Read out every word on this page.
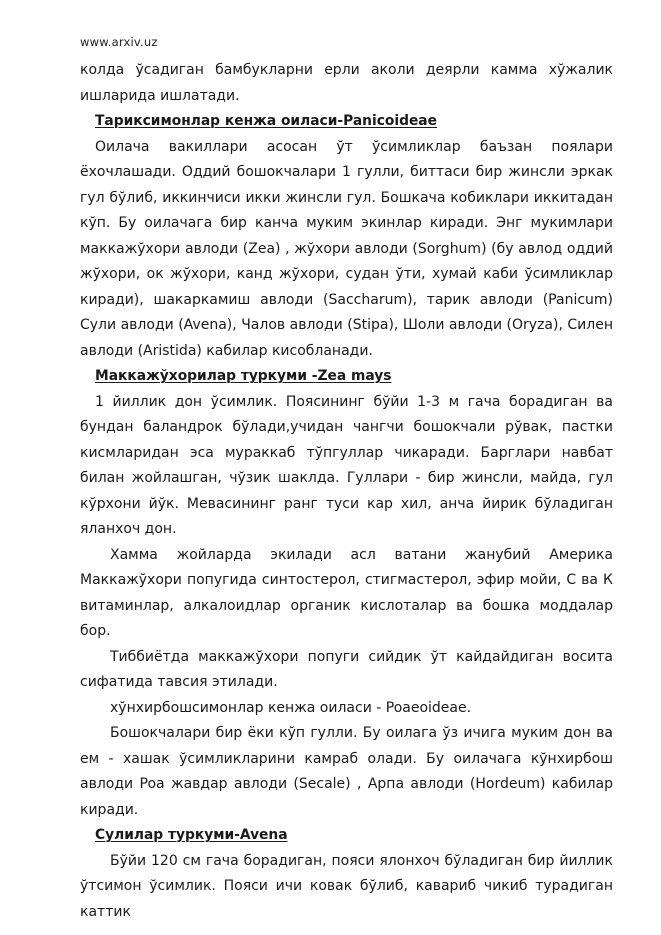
www.arxiv.uz

колда ўсадиган бамбукларни ерли аколи деярли камма хўжалик ишларида ишлатади.

Тариксимонлар кенжа оиласи-Panicoideae

Оилача вакиллари асосан ўт ўсимликлар баъзан поялари ёхочлашади. Оддий бошокчалари 1 гулли, биттаси бир жинсли эркак гул бўлиб, иккинчиси икки жинсли гул. Бошкача кобиклари иккитадан кўп. Бу оилачага бир канча муким экинлар киради. Энг мукимлари маккажўхори авлоди (Zea) , жўхори авлоди (Sorghum) (бу авлод оддий жўхори, ок жўхори, канд жўхори, судан ўти, хумай каби ўсимликлар киради), шакаркамиш авлоди (Saccharum), тарик авлоди (Panicum) Сули авлоди (Avena), Чалов авлоди (Stipa), Шоли авлоди (Oryza), Силен авлоди (Aristida) кабилар кисобланади.

Маккажўхорилар туркуми -Zea mays

1 йиллик дон ўсимлик. Поясининг бўйи 1-3 м гача борадиган ва бундан баландрок бўлади,учидан чангчи бошокчали рўвак, пастки кисмларидан эса мураккаб тўпгуллар чикаради. Барглари навбат билан жойлашган, чўзик шаклда. Гуллари - бир жинсли, майда, гул кўрхони йўк. Мевасининг ранг туси кар хил, анча йирик бўладиган яланхоч дон.

Хамма жойларда экилади асл ватани жанубий Америка Маккажўхори попугида синтостерол, стигмастерол, эфир мойи, С ва К витаминлар, алкалоидлар органик кислоталар ва бошка моддалар бор.

Тиббиётда маккажўхори попуги сийдик ўт кайдайдиган восита сифатида тавсия этилади.

хўнхирбошсимонлар кенжа оиласи - Poaeoideae.

Бошокчалари бир ёки кўп гулли. Бу оилага ўз ичига муким дон ва ем - хашак ўсимликларини камраб олади. Бу оилачага кўнхирбош авлоди Poa жавдар авлоди (Secale) , Арпа авлоди (Hordeum) кабилар киради.

Сулилар туркуми-Avena

Бўйи 120 см гача борадиган, пояси ялонхоч бўладиган бир йиллик ўтсимон ўсимлик. Пояси ичи ковак бўлиб, кавариб чикиб турадиган каттик
